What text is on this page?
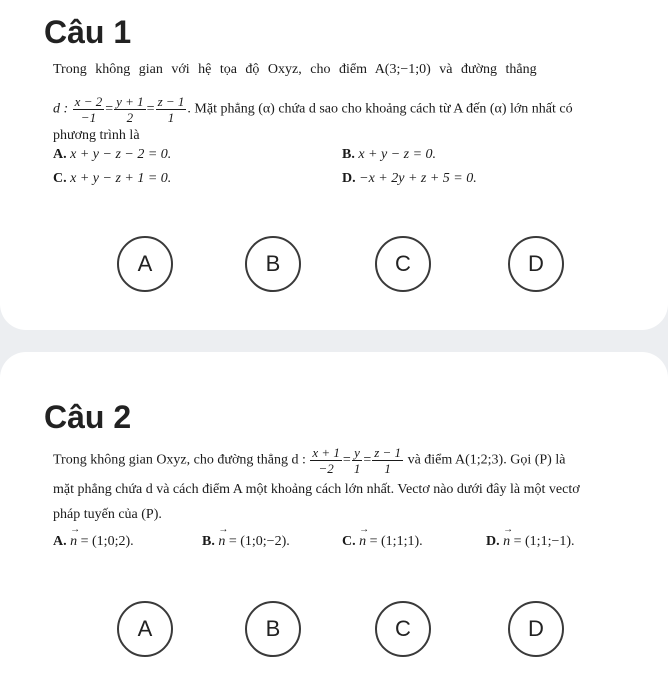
Câu 1
Trong không gian với hệ tọa độ Oxyz, cho điểm A(3;−1;0) và đường thẳng
d : $\frac{x - 2}{-1} = \frac{y + 1}{2} = \frac{z - 1}{1}$ . Mặt phẳng (α) chứa d sao cho khoảng cách từ A đến (α) lớn nhất có
phương trình là
A. x + y − z − 2 = 0.	B. x + y − z = 0.
C. x + y − z + 1 = 0.	D. −x + 2y + z + 5 = 0.
A	B	C	D
Câu 2
Trong không gian Oxyz, cho đường thẳng d : $\frac{x + 1}{-2} = \frac{y}{1} = \frac{z - 1}{1}$ và điểm A(1;2;3). Gọi (P) là
mặt phẳng chứa d và cách điểm A một khoảng cách lớn nhất. Vectơ nào dưới đây là một vectơ
pháp tuyến của (P).
A. → n = (1;0;2).	B. → n = (1;0;−2).	C. → n = (1;1;1).	D. → n = (1;1;−1).
A	B	C	D
